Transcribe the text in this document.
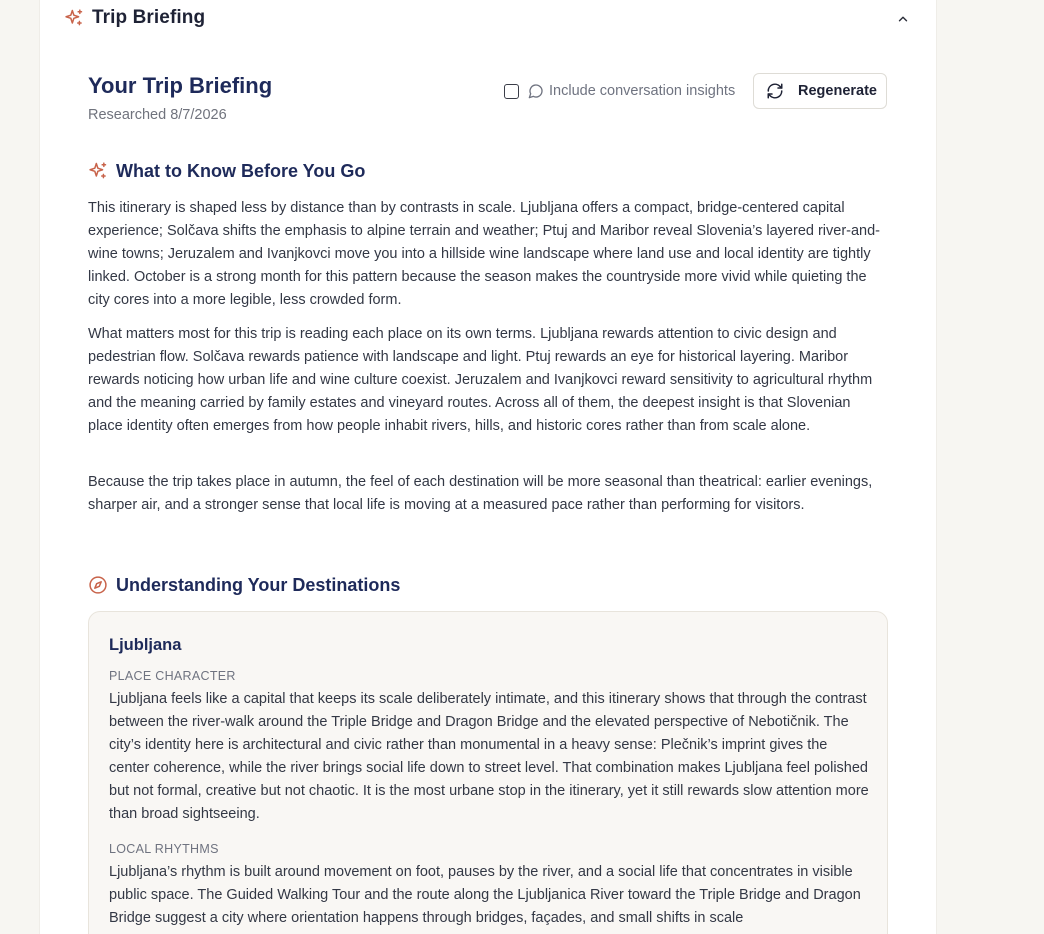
Trip Briefing
Your Trip Briefing
Researched 8/7/2026
Include conversation insights	Regenerate
What to Know Before You Go

This itinerary is shaped less by distance than by contrasts in scale. Ljubljana offers a compact, bridge-centered capital experience; Solčava shifts the emphasis to alpine terrain and weather; Ptuj and Maribor reveal Slovenia’s layered river-and-wine towns; Jeruzalem and Ivanjkovci move you into a hillside wine landscape where land use and local identity are tightly linked. October is a strong month for this pattern because the season makes the countryside more vivid while quieting the city cores into a more legible, less crowded form.

What matters most for this trip is reading each place on its own terms. Ljubljana rewards attention to civic design and pedestrian flow. Solčava rewards patience with landscape and light. Ptuj rewards an eye for historical layering. Maribor rewards noticing how urban life and wine culture coexist. Jeruzalem and Ivanjkovci reward sensitivity to agricultural rhythm and the meaning carried by family estates and vineyard routes. Across all of them, the deepest insight is that Slovenian place identity often emerges from how people inhabit rivers, hills, and historic cores rather than from scale alone.

Because the trip takes place in autumn, the feel of each destination will be more seasonal than theatrical: earlier evenings, sharper air, and a stronger sense that local life is moving at a measured pace rather than performing for visitors.

Understanding Your Destinations
Ljubljana
PLACE CHARACTER

Ljubljana feels like a capital that keeps its scale deliberately intimate, and this itinerary shows that through the contrast between the river-walk around the Triple Bridge and Dragon Bridge and the elevated perspective of Nebotičnik. The city’s identity here is architectural and civic rather than monumental in a heavy sense: Plečnik’s imprint gives the center coherence, while the river brings social life down to street level. That combination makes Ljubljana feel polished but not formal, creative but not chaotic. It is the most urbane stop in the itinerary, yet it still rewards slow attention more than broad sightseeing.

LOCAL RHYTHMS

Ljubljana’s rhythm is built around movement on foot, pauses by the river, and a social life that concentrates in visible public space. The Guided Walking Tour and the route along the Ljubljanica River toward the Triple Bridge and Dragon Bridge suggest a city where orientation happens through bridges, façades, and small shifts in scale
